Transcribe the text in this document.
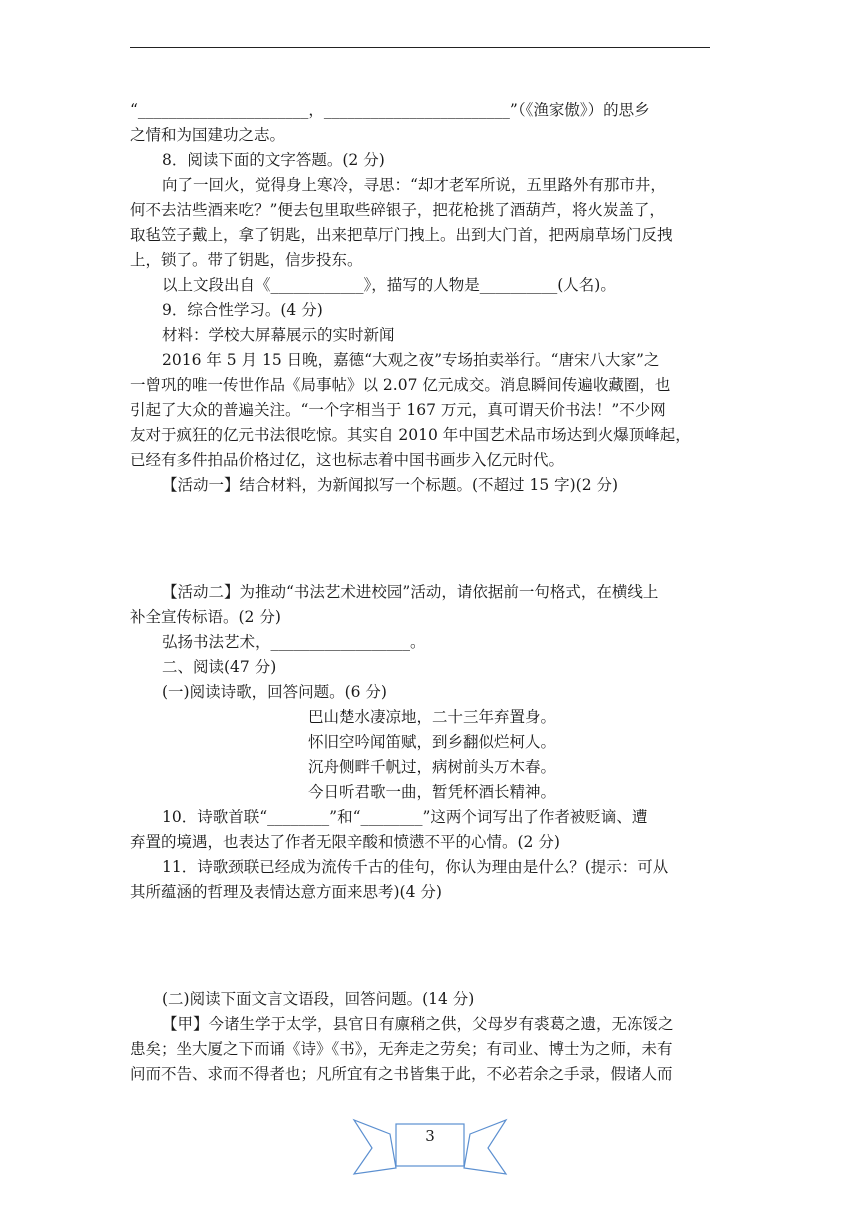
“______________________，________________________”（《渔家傲》）的思乡
之情和为国建功之志。
8．阅读下面的文字答题。(2 分)
向了一回火，觉得身上寒冷，寻思：“却才老军所说，五里路外有那市井，
何不去沽些酒来吃？”便去包里取些碎银子，把花枪挑了酒葫芦，将火炭盖了，
取毡笠子戴上，拿了钥匙，出来把草厅门拽上。出到大门首，把两扇草场门反拽
上，锁了。带了钥匙，信步投东。
以上文段出自《____________》，描写的人物是__________(人名)。
9．综合性学习。(4 分)
材料：学校大屏幕展示的实时新闻
2016 年 5 月 15 日晚，嘉德“大观之夜”专场拍卖举行。“唐宋八大家”之
一曾巩的唯一传世作品《局事帖》以 2.07 亿元成交。消息瞬间传遍收藏圈，也
引起了大众的普遍关注。“一个字相当于 167 万元，真可谓天价书法！”不少网
友对于疯狂的亿元书法很吃惊。其实自 2010 年中国艺术品市场达到火爆顶峰起，
已经有多件拍品价格过亿，这也标志着中国书画步入亿元时代。
【活动一】结合材料，为新闻拟写一个标题。(不超过 15 字)(2 分)
【活动二】为推动“书法艺术进校园”活动，请依据前一句格式，在横线上
补全宣传标语。(2 分)
弘扬书法艺术，__________________。
二、阅读(47 分)
(一)阅读诗歌，回答问题。(6 分)
巴山楚水凄凉地，二十三年弃置身。
怀旧空吟闻笛赋，到乡翻似烂柯人。
沉舟侧畔千帆过，病树前头万木春。
今日听君歌一曲，暂凭杯酒长精神。
10．诗歌首联“________”和“________”这两个词写出了作者被贬谪、遭
弃置的境遇，也表达了作者无限辛酸和愤懑不平的心情。(2 分)
11．诗歌颈联已经成为流传千古的佳句，你认为理由是什么？(提示：可从
其所蕴涵的哲理及表情达意方面来思考)(4 分)
(二)阅读下面文言文语段，回答问题。(14 分)
【甲】今诸生学于太学，县官日有廪稍之供，父母岁有裘葛之遗，无冻馁之
患矣；坐大厦之下而诵《诗》《书》，无奔走之劳矣；有司业、博士为之师，未有
问而不告、求而不得者也；凡所宜有之书皆集于此，不必若余之手录，假诸人而
3
